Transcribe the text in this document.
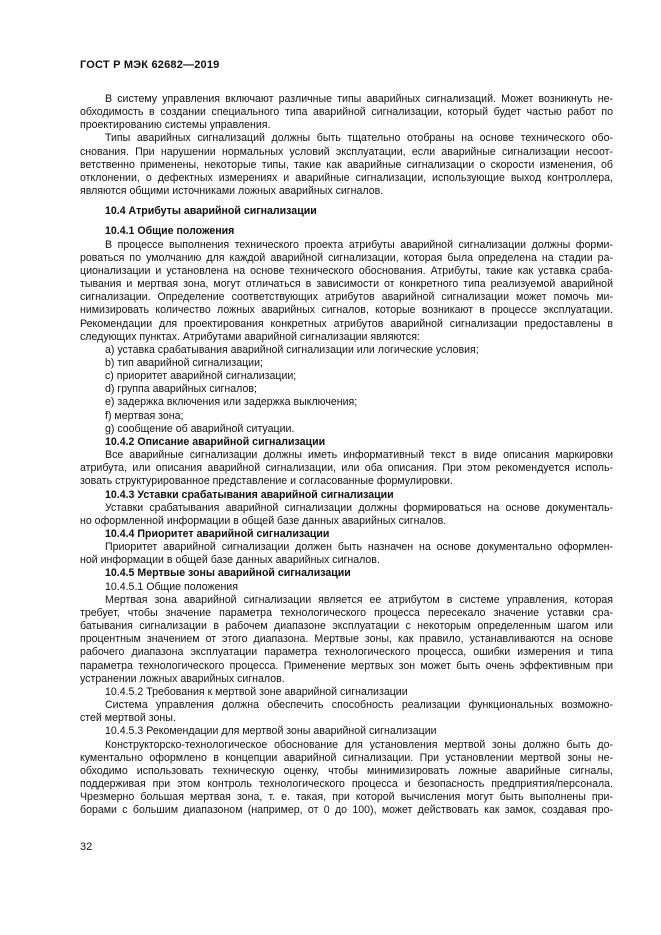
ГОСТ Р МЭК 62682—2019
В систему управления включают различные типы аварийных сигнализаций. Может возникнуть не-
обходимость в создании специального типа аварийной сигнализации, который будет частью работ по
проектированию системы управления.
Типы аварийных сигнализаций должны быть тщательно отобраны на основе технического обо-
снования. При нарушении нормальных условий эксплуатации, если аварийные сигнализации несоот-
ветственно применены, некоторые типы, такие как аварийные сигнализации о скорости изменения, об
отклонении, о дефектных измерениях и аварийные сигнализации, использующие выход контроллера,
являются общими источниками ложных аварийных сигналов.
10.4 Атрибуты аварийной сигнализации
10.4.1 Общие положения
В процессе выполнения технического проекта атрибуты аварийной сигнализации должны форми-
роваться по умолчанию для каждой аварийной сигнализации, которая была определена на стадии ра-
ционализации и установлена на основе технического обоснования. Атрибуты, такие как уставка сраба-
тывания и мертвая зона, могут отличаться в зависимости от конкретного типа реализуемой аварийной
сигнализации. Определение соответствующих атрибутов аварийной сигнализации может помочь ми-
нимизировать количество ложных аварийных сигналов, которые возникают в процессе эксплуатации.
Рекомендации для проектирования конкретных атрибутов аварийной сигнализации предоставлены в
следующих пунктах. Атрибутами аварийной сигнализации являются:
a) уставка срабатывания аварийной сигнализации или логические условия;
b) тип аварийной сигнализации;
c) приоритет аварийной сигнализации;
d) группа аварийных сигналов;
e) задержка включения или задержка выключения;
f) мертвая зона;
g) сообщение об аварийной ситуации.
10.4.2 Описание аварийной сигнализации
Все аварийные сигнализации должны иметь информативный текст в виде описания маркировки
атрибута, или описания аварийной сигнализации, или оба описания. При этом рекомендуется исполь-
зовать структурированное представление и согласованные формулировки.
10.4.3 Уставки срабатывания аварийной сигнализации
Уставки срабатывания аварийной сигнализации должны формироваться на основе документаль-
но оформленной информации в общей базе данных аварийных сигналов.
10.4.4 Приоритет аварийной сигнализации
Приоритет аварийной сигнализации должен быть назначен на основе документально оформлен-
ной информации в общей базе данных аварийных сигналов.
10.4.5 Мертвые зоны аварийной сигнализации
10.4.5.1 Общие положения
Мертвая зона аварийной сигнализации является ее атрибутом в системе управления, которая
требует, чтобы значение параметра технологического процесса пересекало значение уставки сра-
батывания сигнализации в рабочем диапазоне эксплуатации с некоторым определенным шагом или
процентным значением от этого диапазона. Мертвые зоны, как правило, устанавливаются на основе
рабочего диапазона эксплуатации параметра технологического процесса, ошибки измерения и типа
параметра технологического процесса. Применение мертвых зон может быть очень эффективным при
устранении ложных аварийных сигналов.
10.4.5.2 Требования к мертвой зоне аварийной сигнализации
Система управления должна обеспечить способность реализации функциональных возможно-
стей мертвой зоны.
10.4.5.3 Рекомендации для мертвой зоны аварийной сигнализации
Конструкторско-технологическое обоснование для установления мертвой зоны должно быть до-
кументально оформлено в концепции аварийной сигнализации. При установлении мертвой зоны не-
обходимо использовать техническую оценку, чтобы минимизировать ложные аварийные сигналы,
поддерживая при этом контроль технологического процесса и безопасность предприятия/персонала.
Чрезмерно большая мертвая зона, т. е. такая, при которой вычисления могут быть выполнены при-
борами с большим диапазоном (например, от 0 до 100), может действовать как замок, создавая про-
32
